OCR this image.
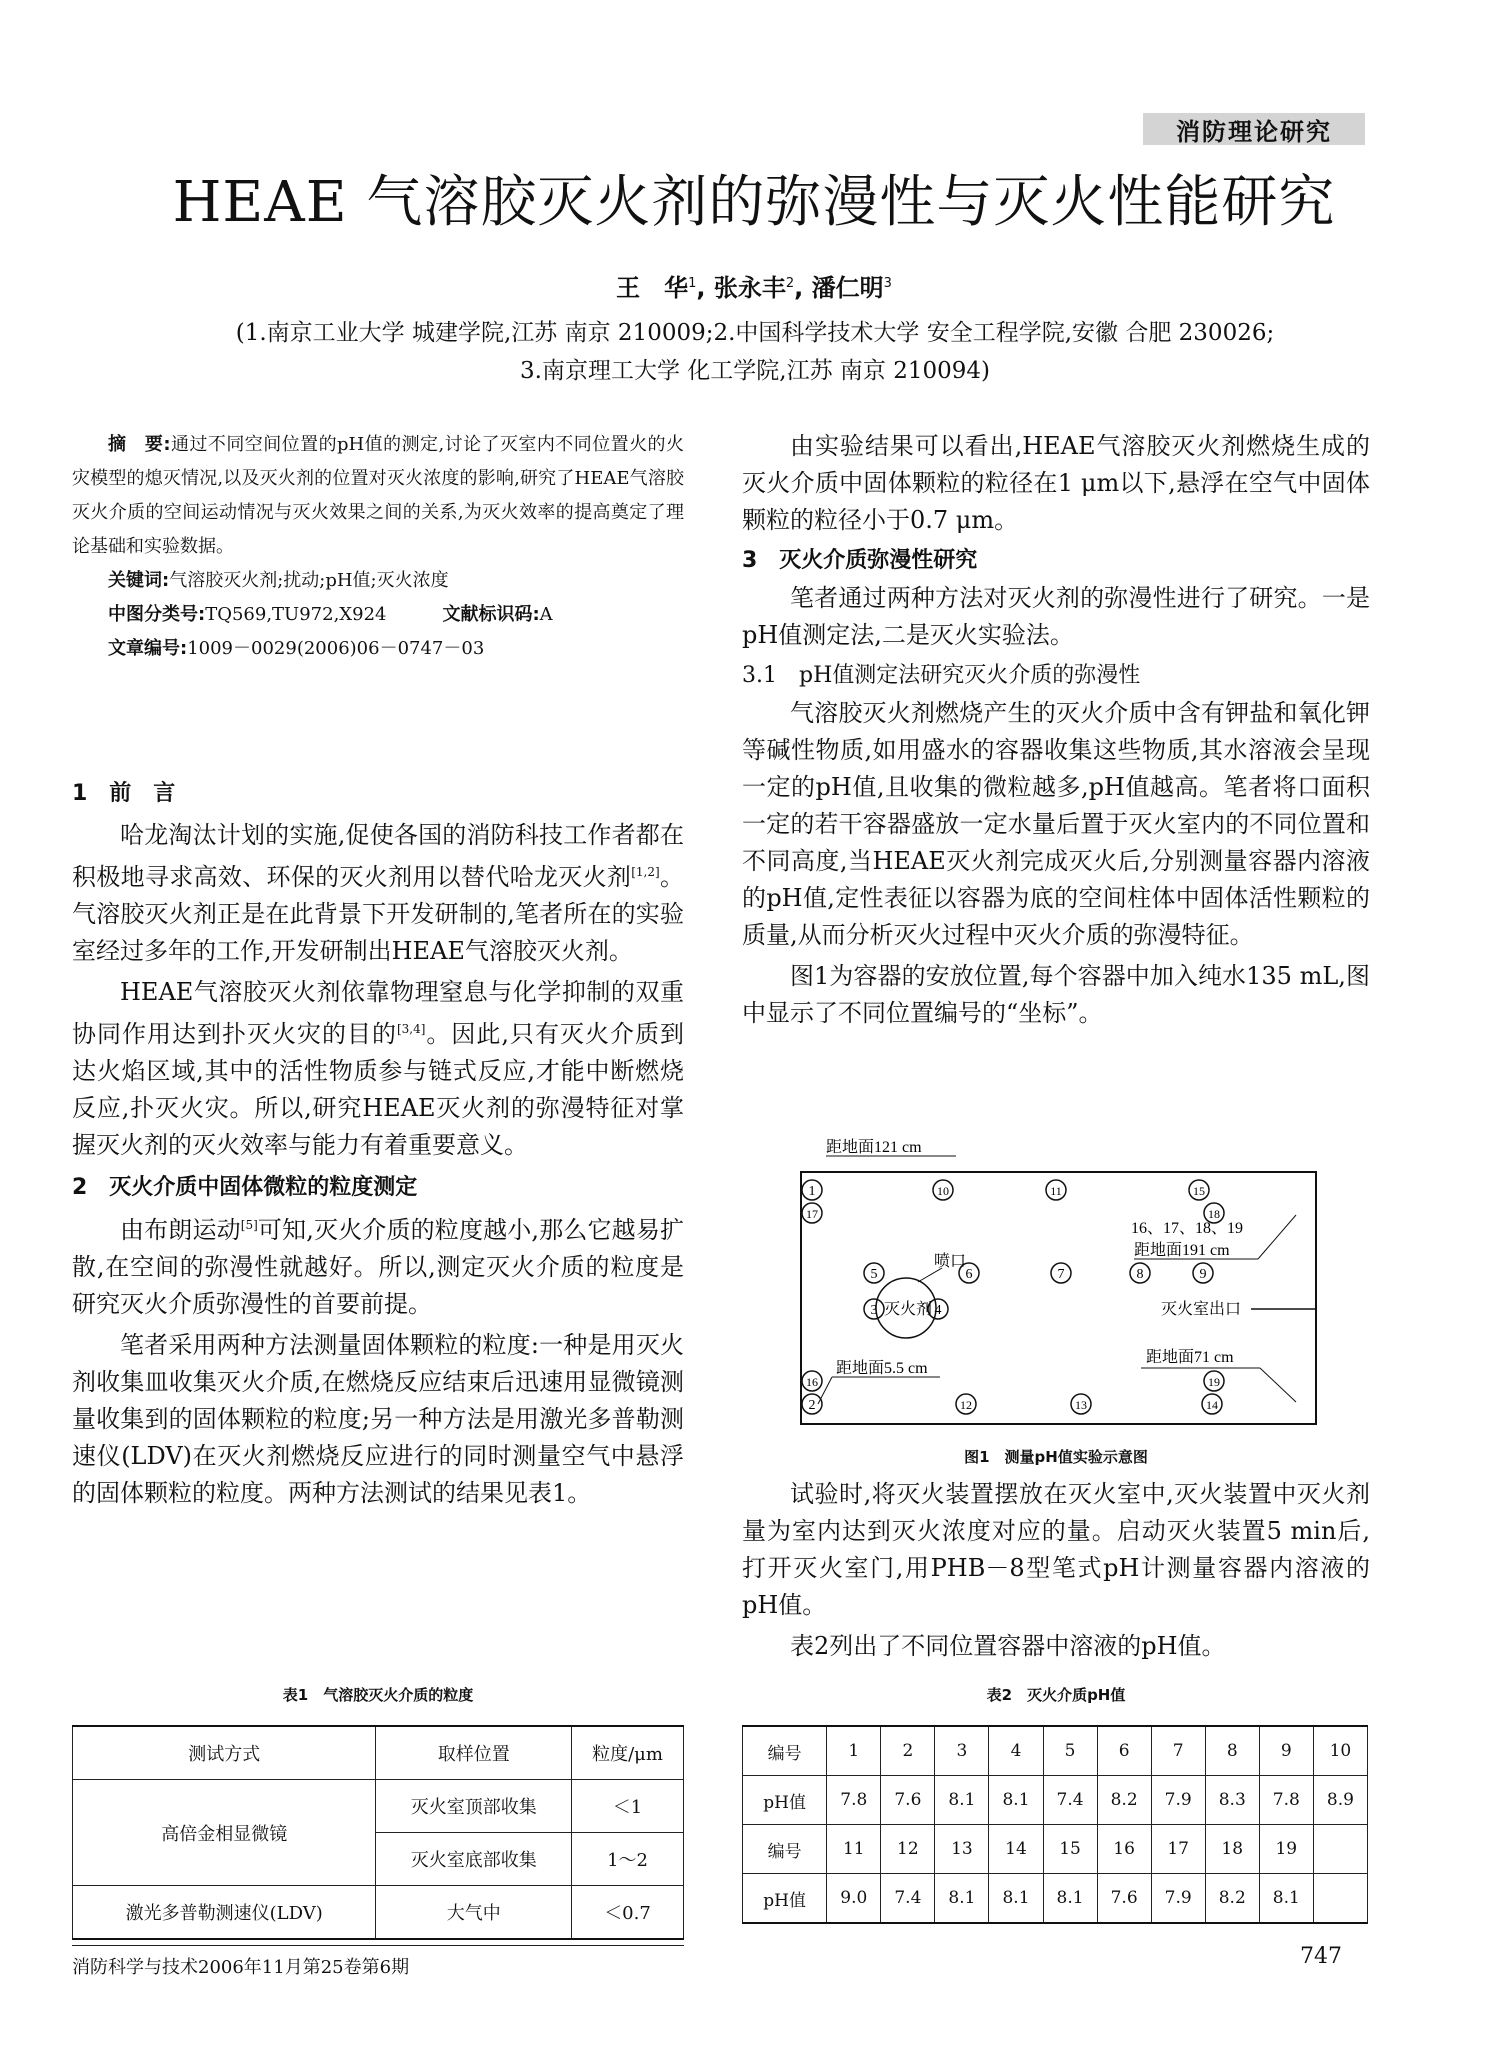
消防理论研究
HEAE 气溶胶灭火剂的弥漫性与灭火性能研究
王　华$^1$, 张永丰$^2$, 潘仁明$^3$
(1.南京工业大学 城建学院,江苏 南京 210009;2.中国科学技术大学 安全工程学院,安徽 合肥 230026;
3.南京理工大学 化工学院,江苏 南京 210094)

摘　要:通过不同空间位置的pH值的测定,讨论了灭室内不同位置火的火灾模型的熄灭情况,以及灭火剂的位置对灭火浓度的影响,研究了HEAE气溶胶灭火介质的空间运动情况与灭火效果之间的关系,为灭火效率的提高奠定了理论基础和实验数据。

关键词:气溶胶灭火剂;扰动;pH值;灭火浓度

中图分类号:TQ569,TU972,X924	文献标识码:A

文章编号:1009－0029(2006)06－0747－03

1　前　言

哈龙淘汰计划的实施,促使各国的消防科技工作者都在积极地寻求高效、环保的灭火剂用以替代哈龙灭火剂[1,2]。气溶胶灭火剂正是在此背景下开发研制的,笔者所在的实验室经过多年的工作,开发研制出HEAE气溶胶灭火剂。

HEAE气溶胶灭火剂依靠物理窒息与化学抑制的双重协同作用达到扑灭火灾的目的[3,4]。因此,只有灭火介质到达火焰区域,其中的活性物质参与链式反应,才能中断燃烧反应,扑灭火灾。所以,研究HEAE灭火剂的弥漫特征对掌握灭火剂的灭火效率与能力有着重要意义。

2　灭火介质中固体微粒的粒度测定

由布朗运动[5]可知,灭火介质的粒度越小,那么它越易扩散,在空间的弥漫性就越好。所以,测定灭火介质的粒度是研究灭火介质弥漫性的首要前提。

笔者采用两种方法测量固体颗粒的粒度:一种是用灭火剂收集皿收集灭火介质,在燃烧反应结束后迅速用显微镜测量收集到的固体颗粒的粒度;另一种方法是用激光多普勒测速仪(LDV)在灭火剂燃烧反应进行的同时测量空气中悬浮的固体颗粒的粒度。两种方法测试的结果见表1。

表1　气溶胶灭火介质的粒度

测试方式	取样位置	粒度/μm
高倍金相显微镜	灭火室顶部收集	＜1
	灭火室底部收集	1～2
激光多普勒测速仪(LDV)	大气中	＜0.7

由实验结果可以看出,HEAE气溶胶灭火剂燃烧生成的灭火介质中固体颗粒的粒径在1 μm以下,悬浮在空气中固体颗粒的粒径小于0.7 μm。

3　灭火介质弥漫性研究

笔者通过两种方法对灭火剂的弥漫性进行了研究。一是pH值测定法,二是灭火实验法。

3.1　pH值测定法研究灭火介质的弥漫性

气溶胶灭火剂燃烧产生的灭火介质中含有钾盐和氧化钾等碱性物质,如用盛水的容器收集这些物质,其水溶液会呈现一定的pH值,且收集的微粒越多,pH值越高。笔者将口面积一定的若干容器盛放一定水量后置于灭火室内的不同位置和不同高度,当HEAE灭火剂完成灭火后,分别测量容器内溶液的pH值,定性表征以容器为底的空间柱体中固体活性颗粒的质量,从而分析灭火过程中灭火介质的弥漫特征。

图1为容器的安放位置,每个容器中加入纯水135 mL,图中显示了不同位置编号的“坐标”。

距地面121 cm
1
2
3	4
5	6	7	8	9
10	11
12	13	14
15
16
17	18
19
16、17、18、19
距地面191 cm
喷口
灭火剂	灭火室出口
距地面71 cm
距地面5.5 cm

图1　测量pH值实验示意图

试验时,将灭火装置摆放在灭火室中,灭火装置中灭火剂量为室内达到灭火浓度对应的量。启动灭火装置5 min后,打开灭火室门,用PHB－8型笔式pH计测量容器内溶液的pH值。

表2列出了不同位置容器中溶液的pH值。

表2　灭火介质pH值

编号	1	2	3	4	5	6	7	8	9	10
pH值	7.8	7.6	8.1	8.1	7.4	8.2	7.9	8.3	7.8	8.9
编号	11	12	13	14	15	16	17	18	19	
pH值	9.0	7.4	8.1	8.1	8.1	7.6	7.9	8.2	8.1	
消防科学与技术2006年11月第25卷第6期	747
